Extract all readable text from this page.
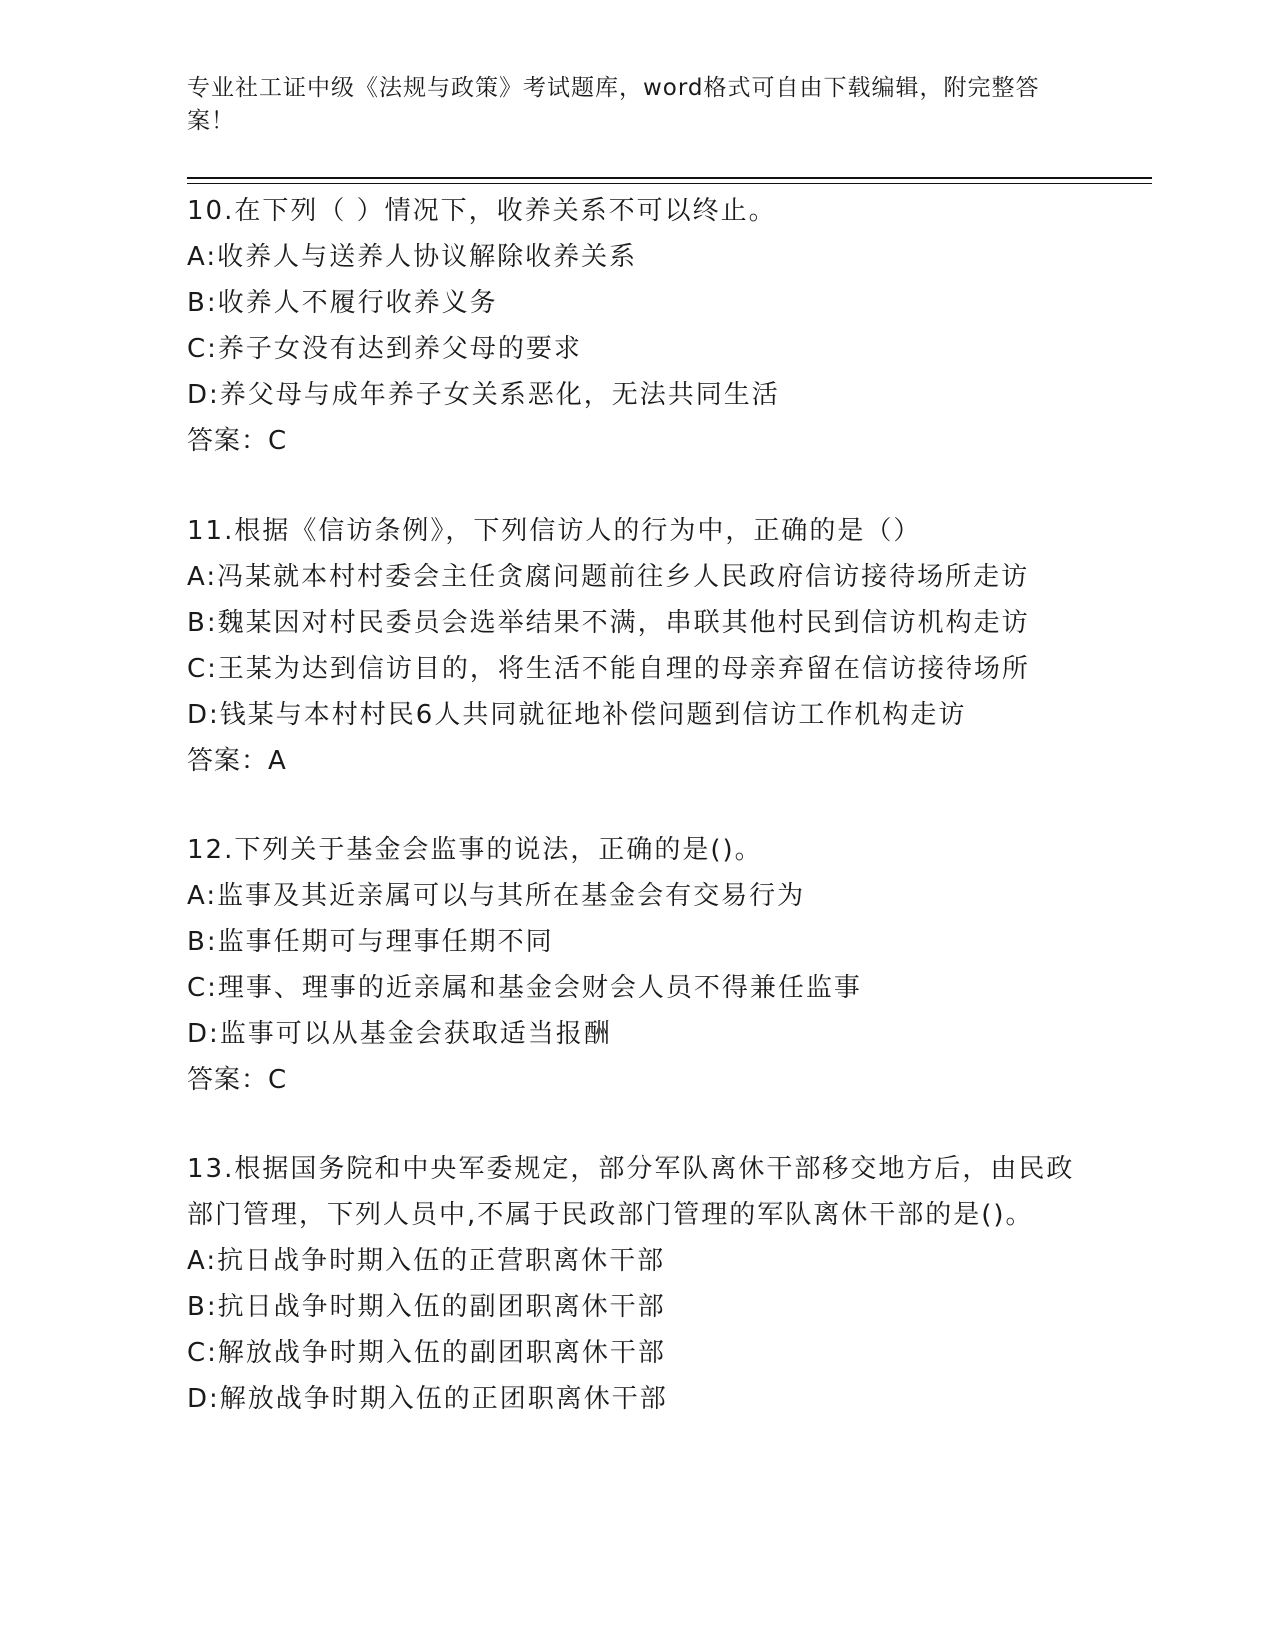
专业社工证中级《法规与政策》考试题库，word格式可自由下载编辑，附完整答案！

10.在下列（ ）情况下，收养关系不可以终止。

A:收养人与送养人协议解除收养关系

B:收养人不履行收养义务

C:养子女没有达到养父母的要求

D:养父母与成年养子女关系恶化，无法共同生活

答案：C

11.根据《信访条例》，下列信访人的行为中，正确的是（）

A:冯某就本村村委会主任贪腐问题前往乡人民政府信访接待场所走访

B:魏某因对村民委员会选举结果不满，串联其他村民到信访机构走访

C:王某为达到信访目的，将生活不能自理的母亲弃留在信访接待场所

D:钱某与本村村民6人共同就征地补偿问题到信访工作机构走访

答案：A

12.下列关于基金会监事的说法，正确的是()。

A:监事及其近亲属可以与其所在基金会有交易行为

B:监事任期可与理事任期不同

C:理事、理事的近亲属和基金会财会人员不得兼任监事

D:监事可以从基金会获取适当报酬

答案：C

13.根据国务院和中央军委规定，部分军队离休干部移交地方后，由民政部门管理，下列人员中,不属于民政部门管理的军队离休干部的是()。

A:抗日战争时期入伍的正营职离休干部

B:抗日战争时期入伍的副团职离休干部

C:解放战争时期入伍的副团职离休干部

D:解放战争时期入伍的正团职离休干部
